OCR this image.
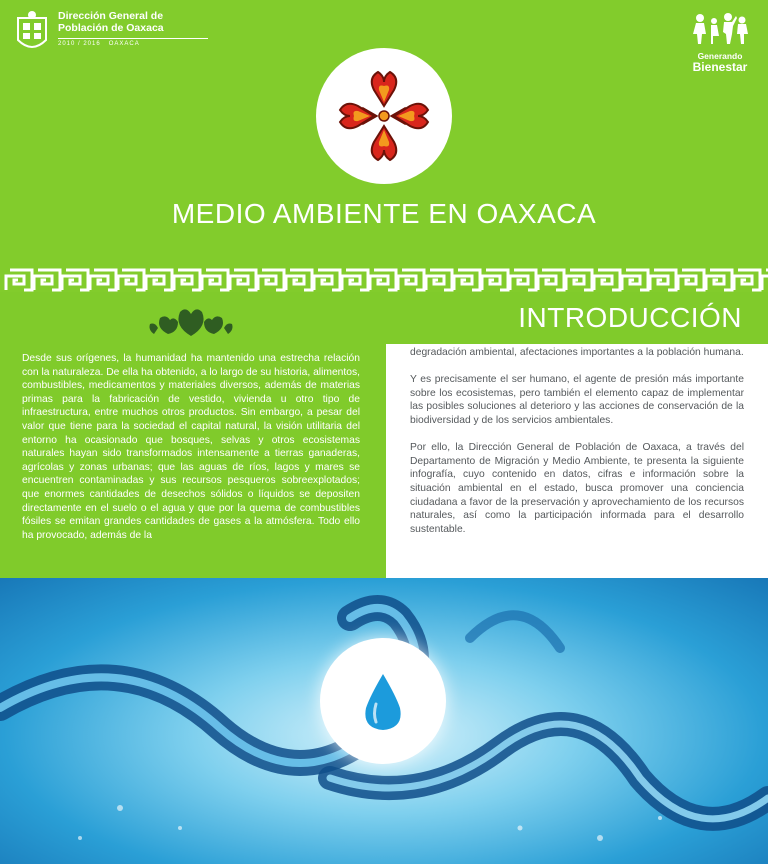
Dirección General de
Población de Oaxaca
2010 / 2016 OAXACA
Generando
Bienestar
MEDIO AMBIENTE EN OAXACA
INTRODUCCIÓN
Desde sus orígenes, la humanidad ha mantenido una estrecha relación con la naturaleza. De ella ha obtenido, a lo largo de su historia, alimentos, combustibles, medicamentos y materiales diversos, además de materias primas para la fabricación de vestido, vivienda u otro tipo de infraestructura, entre muchos otros productos. Sin embargo, a pesar del valor que tiene para la sociedad el capital natural, la visión utilitaria del entorno ha ocasionado que bosques, selvas y otros ecosistemas naturales hayan sido transformados intensamente a tierras ganaderas, agrícolas y zonas urbanas; que las aguas de ríos, lagos y mares se encuentren contaminadas y sus recursos pesqueros sobreexplotados; que enormes cantidades de desechos sólidos o líquidos se depositen directamente en el suelo o el agua y que por la quema de combustibles fósiles se emitan grandes cantidades de gases a la atmósfera. Todo ello ha provocado, además de la

degradación ambiental, afectaciones importantes a la población humana.

Y es precisamente el ser humano, el agente de presión más importante sobre los ecosistemas, pero también el elemento capaz de implementar las posibles soluciones al deterioro y las acciones de conservación de la biodiversidad y de los servicios ambientales.

Por ello, la Dirección General de Población de Oaxaca, a través del Departamento de Migración y Medio Ambiente, te presenta la siguiente infografía, cuyo contenido en datos, cifras e información sobre la situación ambiental en el estado, busca promover una conciencia ciudadana a favor de la preservación y aprovechamiento de los recursos naturales, así como la participación informada para el desarrollo sustentable.
